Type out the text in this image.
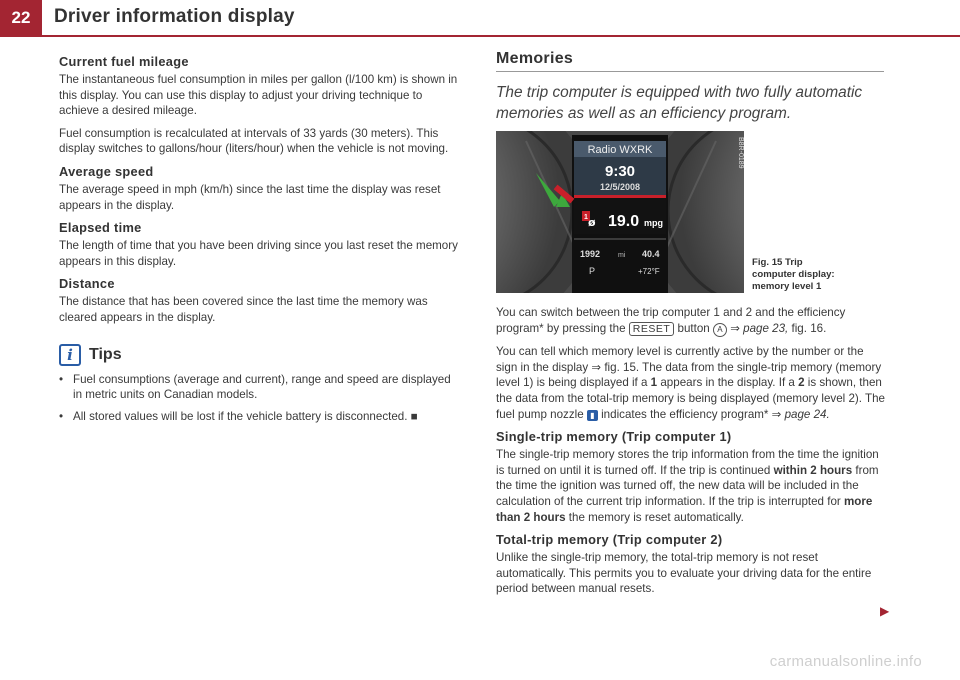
22	Driver information display
Current fuel mileage

The instantaneous fuel consumption in miles per gallon (l/100 km) is shown in this display. You can use this display to adjust your driving technique to achieve a desired mileage.

Fuel consumption is recalculated at intervals of 33 yards (30 meters). This display switches to gallons/hour (liters/hour) when the vehicle is not moving.

Average speed

The average speed in mph (km/h) since the last time the display was reset appears in the display.

Elapsed time

The length of time that you have been driving since you last reset the memory appears in this display.

Distance

The distance that has been covered since the last time the memory was cleared appears in the display.

i	Tips
• Fuel consumptions (average and current), range and speed are displayed in metric units on Canadian models.
• All stored values will be lost if the vehicle battery is disconnected. ■
Memories

The trip computer is equipped with two fully automatic memories as well as an efficiency program.

Radio WXRK
9:30
12/5/2008
1 ø 19.0 mpg
1992	mi 40.4
P	+72°F
B8R-0189
Fig. 15 Trip computer display: memory level 1

You can switch between the trip computer 1 and 2 and the efficiency program* by pressing the RESET button A ⇒ page 23, fig. 16.

You can tell which memory level is currently active by the number or the sign in the display ⇒ fig. 15. The data from the single-trip memory (memory level 1) is being displayed if a 1 appears in the display. If a 2 is shown, then the data from the total-trip memory is being displayed (memory level 2). The fuel pump nozzle ▮ indicates the efficiency program* ⇒ page 24.

Single-trip memory (Trip computer 1)

The single-trip memory stores the trip information from the time the ignition is turned on until it is turned off. If the trip is continued within 2 hours from the time the ignition was turned off, the new data will be included in the calculation of the current trip information. If the trip is interrupted for more than 2 hours the memory is reset automatically.

Total-trip memory (Trip computer 2)

Unlike the single-trip memory, the total-trip memory is not reset automatically. This permits you to evaluate your driving data for the entire period between manual resets.

▶
carmanualsonline.info
